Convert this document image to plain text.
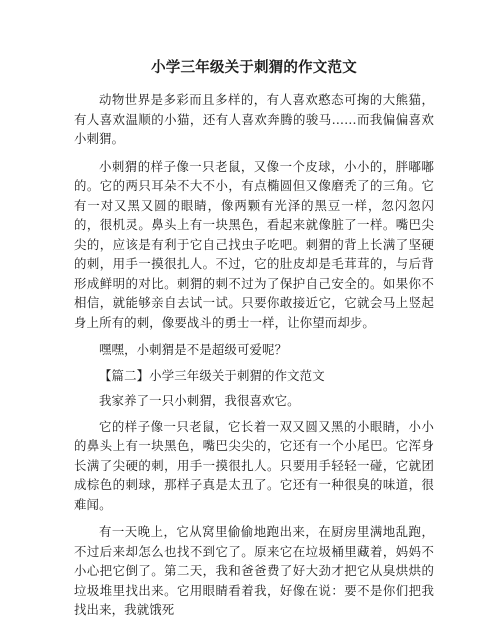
小学三年级关于刺猬的作文范文

动物世界是多彩而且多样的，有人喜欢憨态可掬的大熊猫，有人喜欢温顺的小猫，还有人喜欢奔腾的骏马……而我偏偏喜欢小刺猬。

小刺猬的样子像一只老鼠，又像一个皮球，小小的，胖嘟嘟的。它的两只耳朵不大不小，有点椭圆但又像磨秃了的三角。它有一对又黑又圆的眼睛，像两颗有光泽的黑豆一样，忽闪忽闪的，很机灵。鼻头上有一块黑色，看起来就像脏了一样。嘴巴尖尖的，应该是有利于它自己找虫子吃吧。刺猬的背上长满了坚硬的刺，用手一摸很扎人。不过，它的肚皮却是毛茸茸的，与后背形成鲜明的对比。刺猬的刺不过为了保护自己安全的。如果你不相信，就能够亲自去试一试。只要你敢接近它，它就会马上竖起身上所有的刺，像要战斗的勇士一样，让你望而却步。

嘿嘿，小刺猬是不是超级可爱呢？

【篇二】小学三年级关于刺猬的作文范文

我家养了一只小刺猬，我很喜欢它。

它的样子像一只老鼠，它长着一双又圆又黑的小眼睛，小小的鼻头上有一块黑色，嘴巴尖尖的，它还有一个小尾巴。它浑身长满了尖硬的刺，用手一摸很扎人。只要用手轻轻一碰，它就团成棕色的刺球，那样子真是太丑了。它还有一种很臭的味道，很难闻。

有一天晚上，它从窝里偷偷地跑出来，在厨房里满地乱跑，不过后来却怎么也找不到它了。原来它在垃圾桶里藏着，妈妈不小心把它倒了。第二天，我和爸爸费了好大劲才把它从臭烘烘的垃圾堆里找出来。它用眼睛看着我，好像在说：要不是你们把我找出来，我就饿死
